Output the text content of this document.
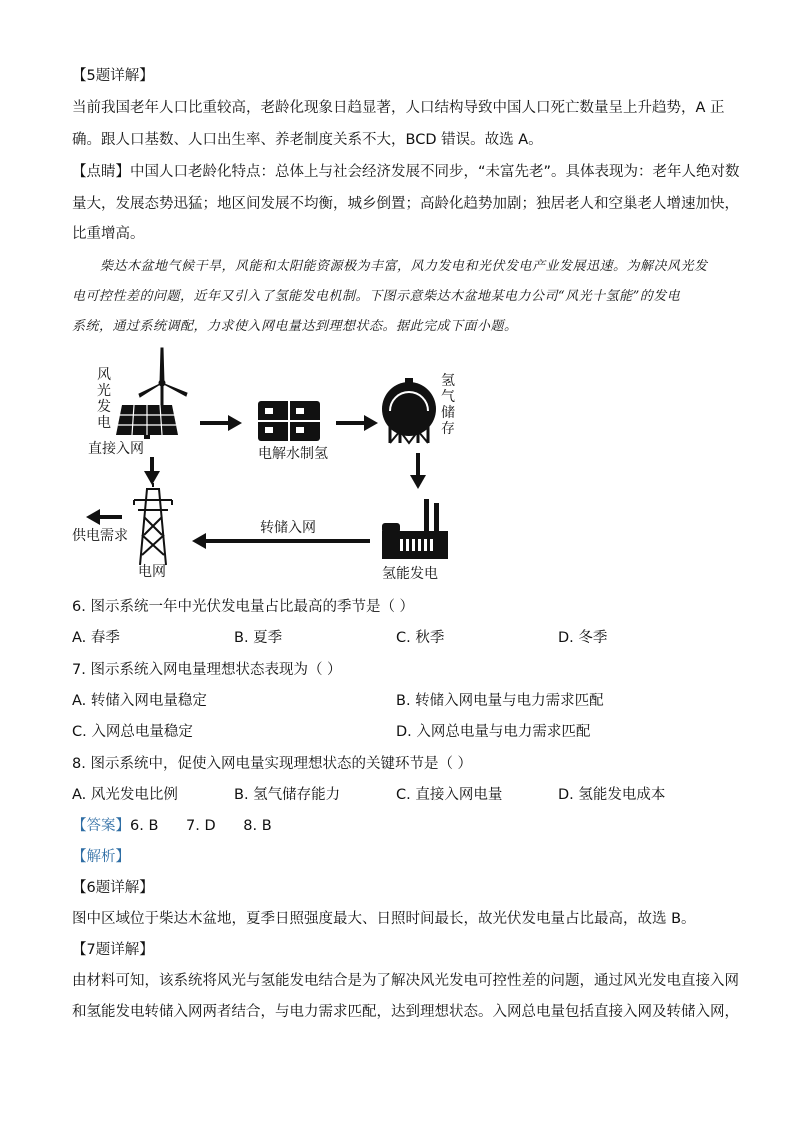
【5题详解】
当前我国老年人口比重较高，老龄化现象日趋显著，人口结构导致中国人口死亡数量呈上升趋势，A 正
确。跟人口基数、人口出生率、养老制度关系不大，BCD 错误。故选 A。
【点睛】中国人口老龄化特点：总体上与社会经济发展不同步，“未富先老”。具体表现为：老年人绝对数
量大，发展态势迅猛；地区间发展不均衡，城乡倒置；高龄化趋势加剧；独居老人和空巢老人增速加快，
比重增高。
柴达木盆地气候干旱，风能和太阳能资源极为丰富，风力发电和光伏发电产业发展迅速。为解决风光发
电可控性差的问题，近年又引入了氢能发电机制。下图示意柴达木盆地某电力公司“风光十氢能”的发电
系统，通过系统调配，力求使入网电量达到理想状态。据此完成下面小题。
风
光
发
电
直接入网	电解水制氢
氢
气
储
存
转储入网
供电需求
电网	氢能发电
6. 图示系统一年中光伏发电量占比最高的季节是（ ）
A. 春季	B. 夏季	C. 秋季	D. 冬季
7. 图示系统入网电量理想状态表现为（ ）
A. 转储入网电量稳定	B. 转储入网电量与电力需求匹配
C. 入网总电量稳定	D. 入网总电量与电力需求匹配
8. 图示系统中，促使入网电量实现理想状态的关键环节是（ ）
A. 风光发电比例	B. 氢气储存能力	C. 直接入网电量	D. 氢能发电成本
【答案】6. B      7. D      8. B
【解析】
【6题详解】
图中区域位于柴达木盆地，夏季日照强度最大、日照时间最长，故光伏发电量占比最高，故选 B。
【7题详解】
由材料可知，该系统将风光与氢能发电结合是为了解决风光发电可控性差的问题，通过风光发电直接入网
和氢能发电转储入网两者结合，与电力需求匹配，达到理想状态。入网总电量包括直接入网及转储入网，
